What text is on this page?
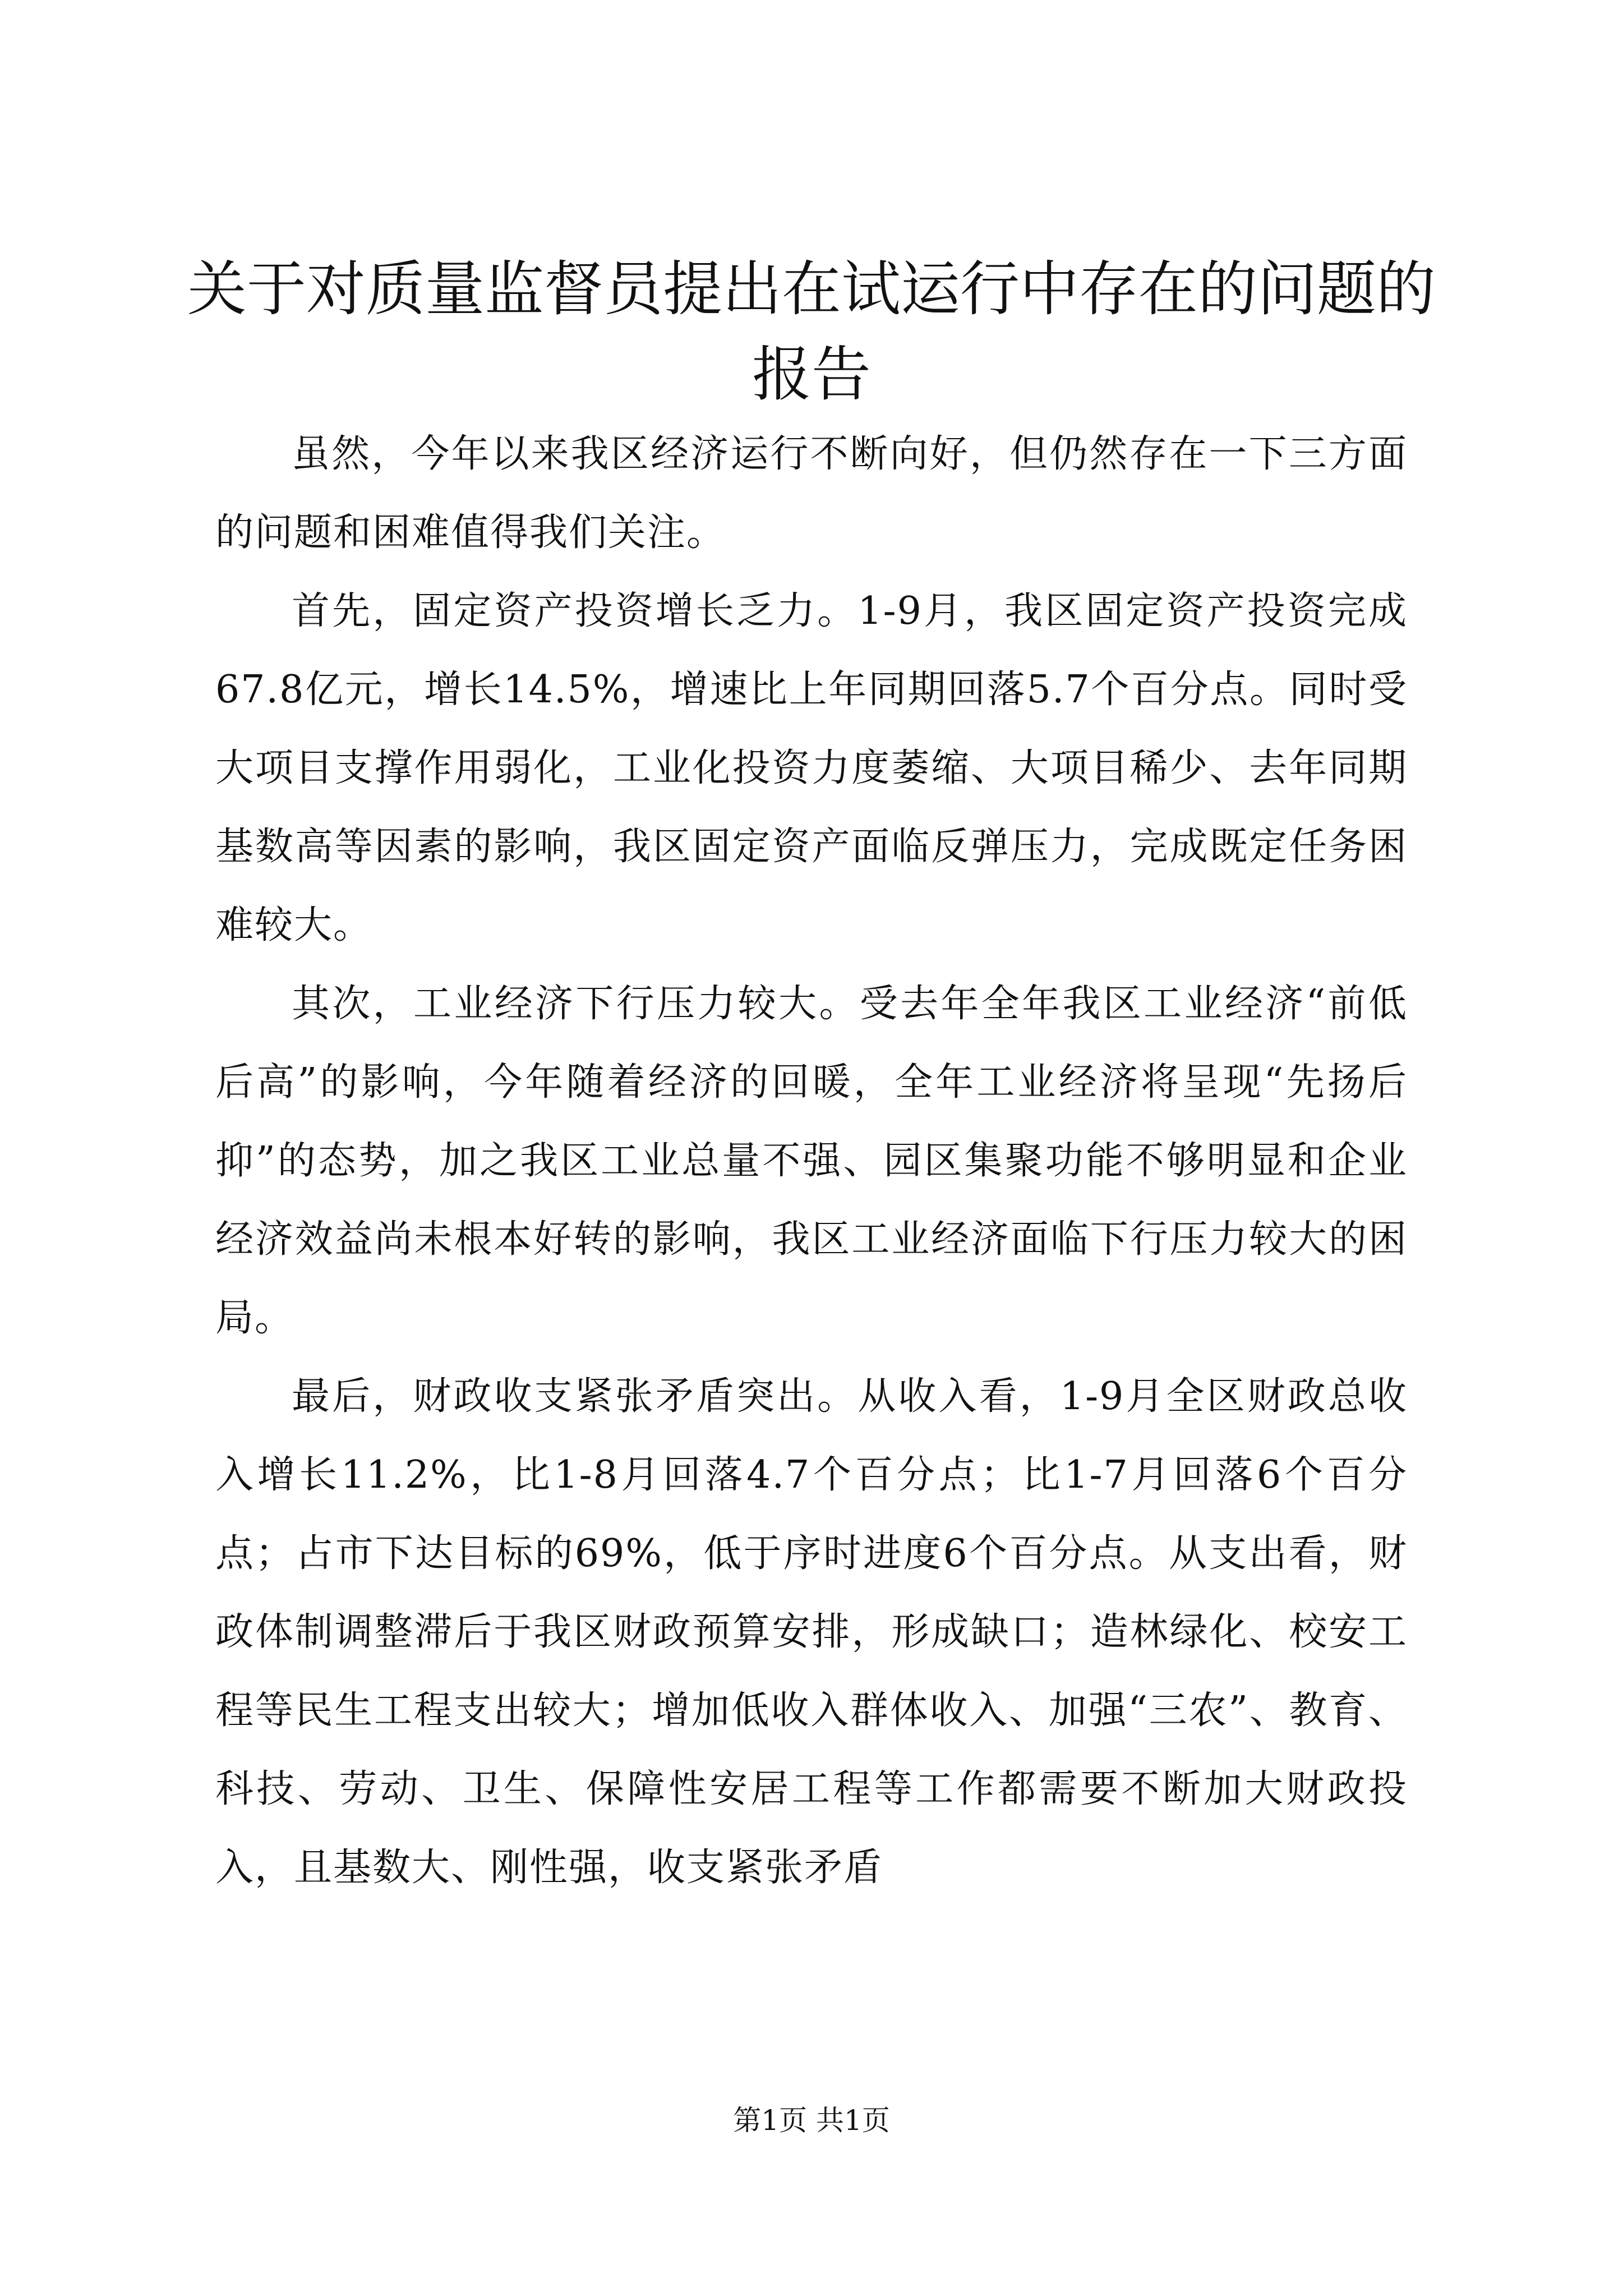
关于对质量监督员提出在试运行中存在的问题的报告

虽然，今年以来我区经济运行不断向好，但仍然存在一下三方面的问题和困难值得我们关注。

首先，固定资产投资增长乏力。1-9月，我区固定资产投资完成67.8亿元，增长14.5%，增速比上年同期回落5.7个百分点。同时受大项目支撑作用弱化，工业化投资力度萎缩、大项目稀少、去年同期基数高等因素的影响，我区固定资产面临反弹压力，完成既定任务困难较大。

其次，工业经济下行压力较大。受去年全年我区工业经济“前低后高”的影响，今年随着经济的回暖，全年工业经济将呈现“先扬后抑”的态势，加之我区工业总量不强、园区集聚功能不够明显和企业经济效益尚未根本好转的影响，我区工业经济面临下行压力较大的困局。

最后，财政收支紧张矛盾突出。从收入看，1-9月全区财政总收入增长11.2%，比1-8月回落4.7个百分点；比1-7月回落6个百分点；占市下达目标的69%，低于序时进度6个百分点。从支出看，财政体制调整滞后于我区财政预算安排，形成缺口；造林绿化、校安工程等民生工程支出较大；增加低收入群体收入、加强“三农”、教育、科技、劳动、卫生、保障性安居工程等工作都需要不断加大财政投入，且基数大、刚性强，收支紧张矛盾

第1页 共1页
